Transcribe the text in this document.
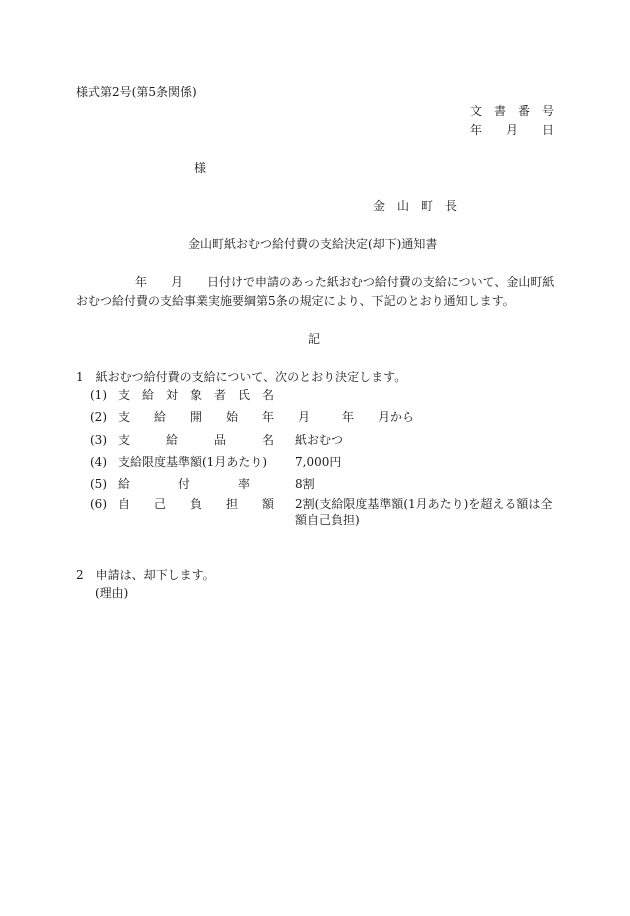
様式第2号(第5条関係)
文　書　番　号
年　　月　　日
様
金　山　町　長
金山町紙おむつ給付費の支給決定(却下)通知書
年　　月　　日付けで申請のあった紙おむつ給付費の支給について、金山町紙
おむつ給付費の支給事業実施要綱第5条の規定により、下記のとおり通知します。
記
1　紙おむつ給付費の支給について、次のとおり決定します。
(1) 支　給　対　象　者　氏　名
(2) 支　　給　　開　　始　　年　　月	年　　月から
(3) 支　　　給　　　品　　　名 紙おむつ
(4) 支給限度基準額(1月あたり) 7,000円
(5) 給　　　　付　　　　率	8割
(6) 自　　己　　負　　担　　額 2割(支給限度基準額(1月あたり)を超える額は全
額自己負担)
2　申請は、却下します。
(理由)
